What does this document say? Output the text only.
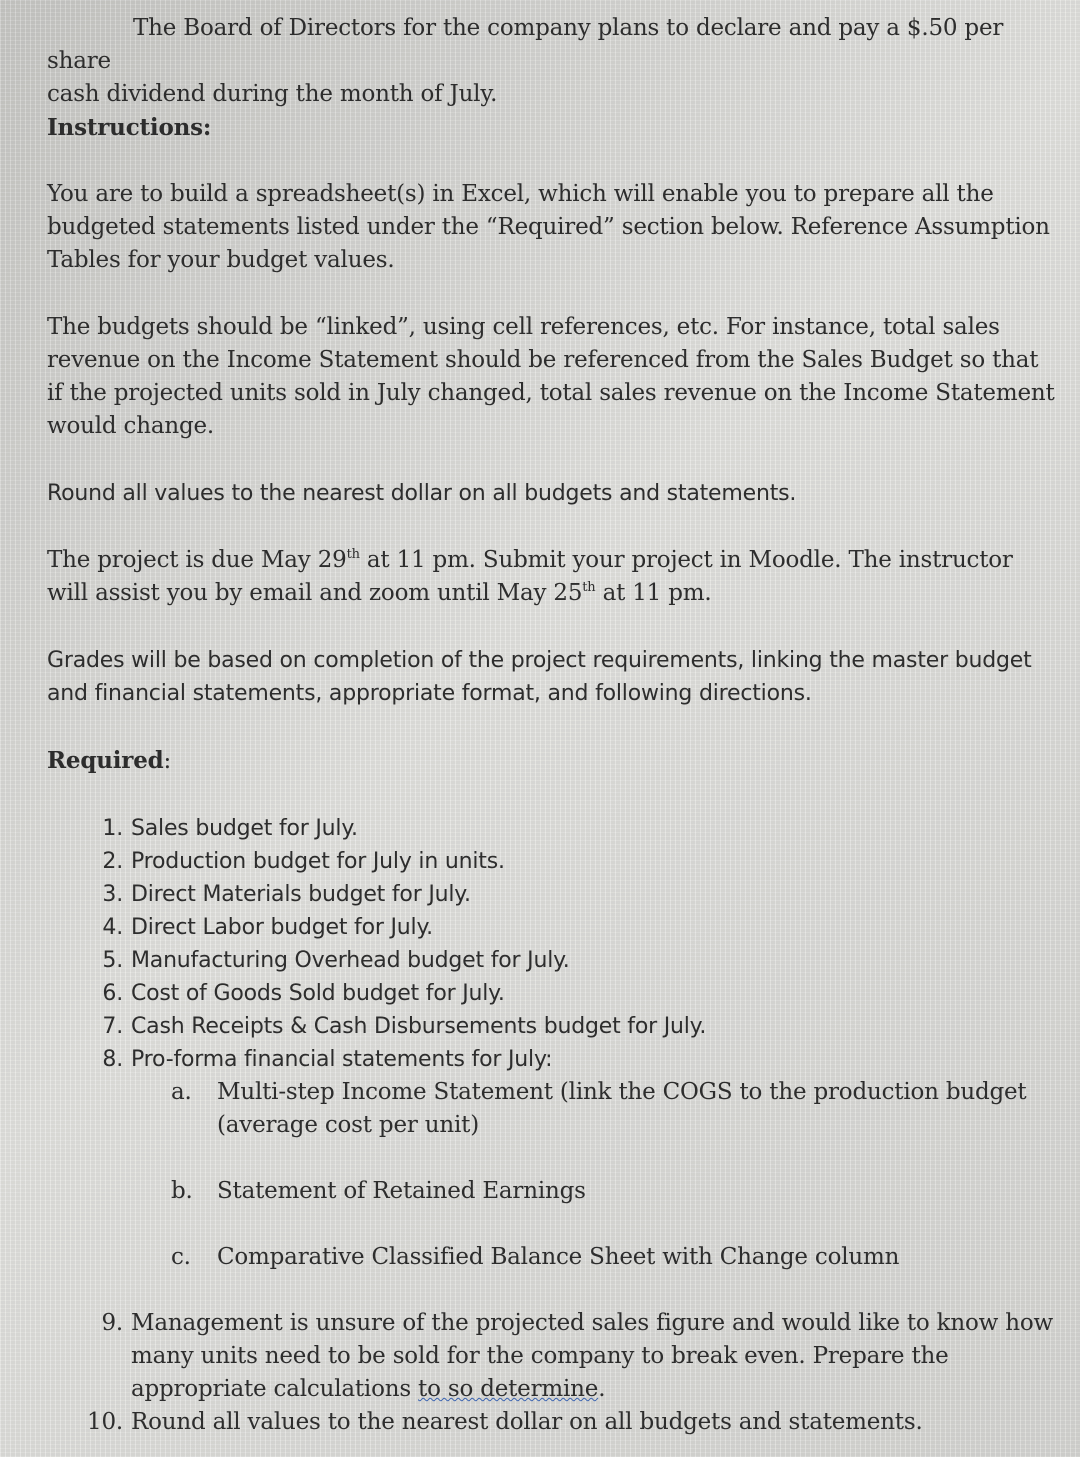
The Board of Directors for the company plans to declare and pay a $.50 per share
cash dividend during the month of July.

Instructions:

You are to build a spreadsheet(s) in Excel, which will enable you to prepare all the budgeted statements listed under the “Required” section below. Reference Assumption Tables for your budget values.

The budgets should be “linked”, using cell references, etc. For instance, total sales revenue on the Income Statement should be referenced from the Sales Budget so that if the projected units sold in July changed, total sales revenue on the Income Statement would change.

Round all values to the nearest dollar on all budgets and statements.

The project is due May 29th at 11 pm. Submit your project in Moodle. The instructor will assist you by email and zoom until May 25th at 11 pm.

Grades will be based on completion of the project requirements, linking the master budget and financial statements, appropriate format, and following directions.

Required:

1. Sales budget for July.
2. Production budget for July in units.
3. Direct Materials budget for July.
4. Direct Labor budget for July.
5. Manufacturing Overhead budget for July.
6. Cost of Goods Sold budget for July.
7. Cash Receipts & Cash Disbursements budget for July.
8. Pro-forma financial statements for July:

a.	Multi-step Income Statement (link the COGS to the production budget (average cost per unit)

b.	Statement of Retained Earnings

c.	Comparative Classified Balance Sheet with Change column

9. Management is unsure of the projected sales figure and would like to know how many units need to be sold for the company to break even. Prepare the appropriate calculations to so determine.
10. Round all values to the nearest dollar on all budgets and statements.
